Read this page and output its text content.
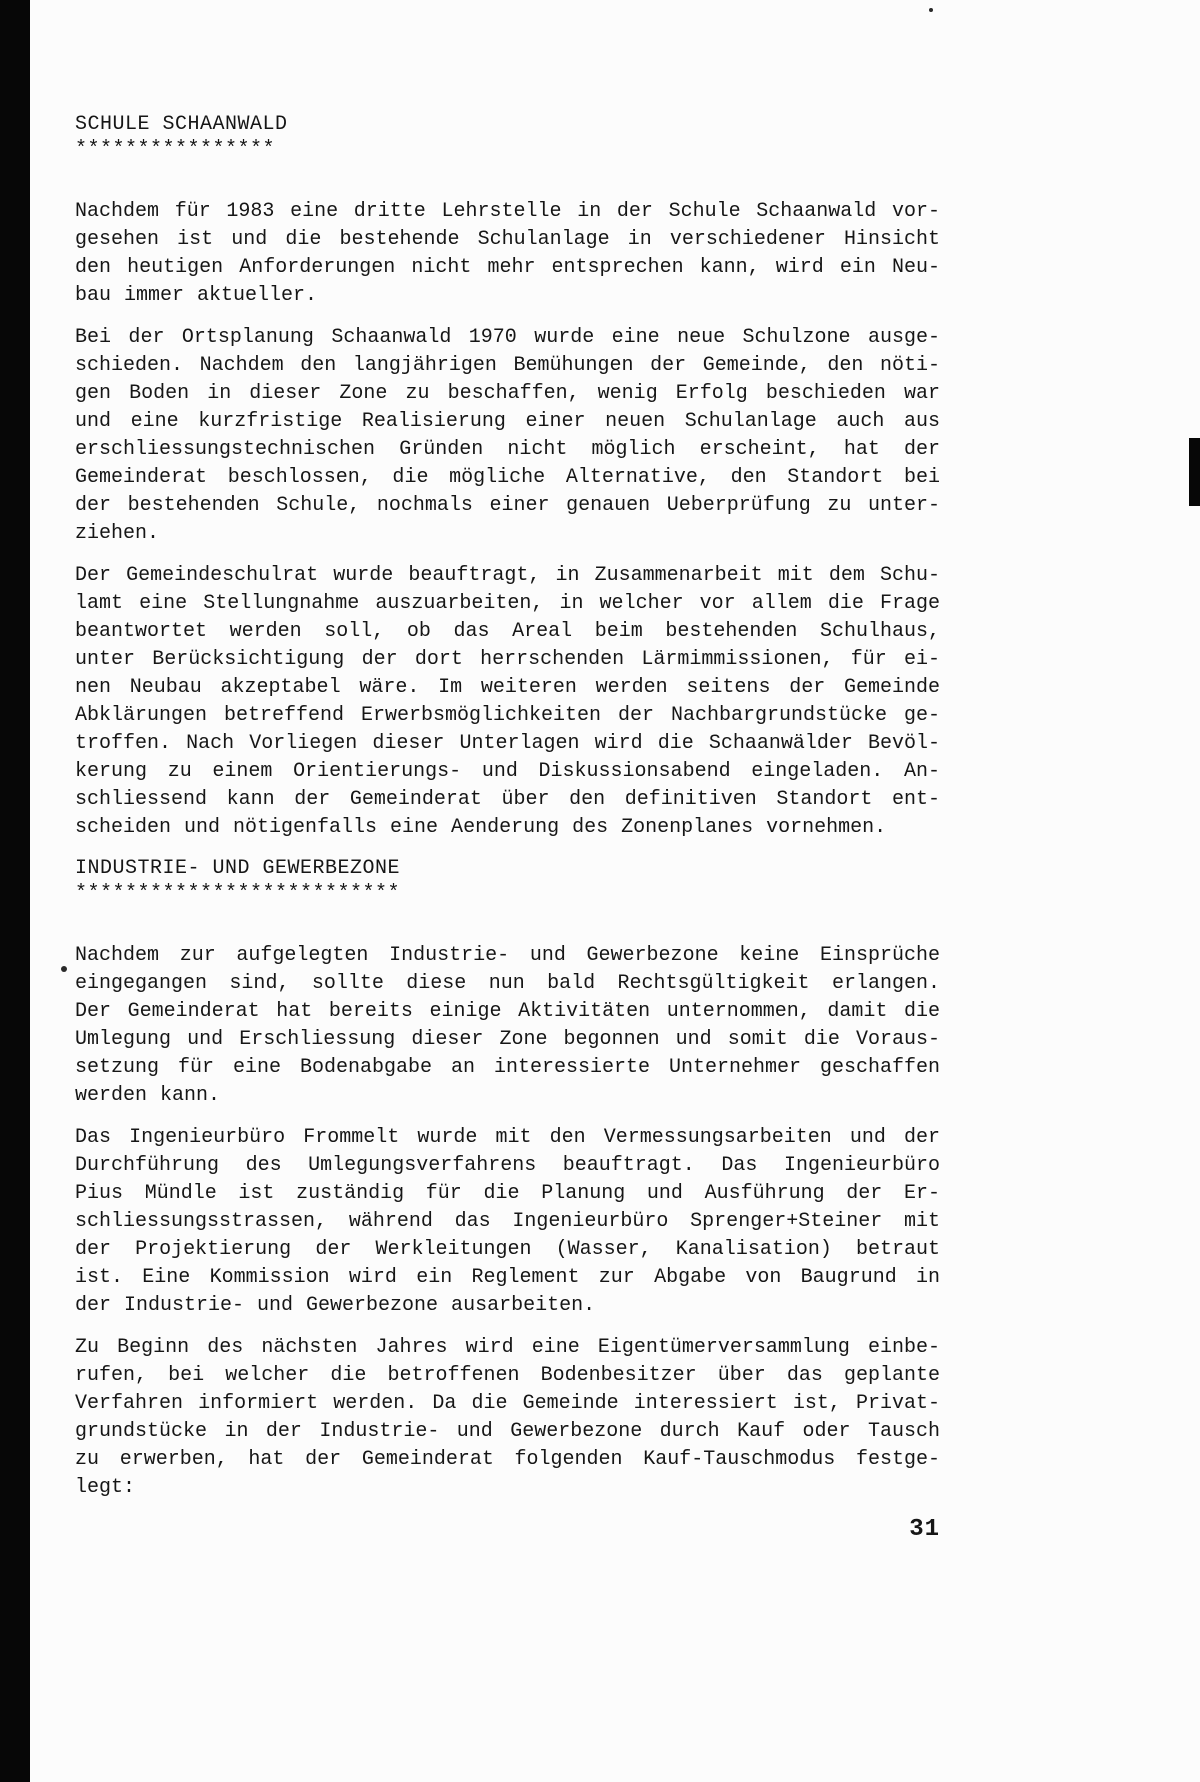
SCHULE SCHAANWALD
****************
Nachdem für 1983 eine dritte Lehrstelle in der Schule Schaanwald vor-
gesehen ist und die bestehende Schulanlage in verschiedener Hinsicht
den heutigen Anforderungen nicht mehr entsprechen kann, wird ein Neu-
bau immer aktueller.
Bei der Ortsplanung Schaanwald 1970 wurde eine neue Schulzone ausge-
schieden. Nachdem den langjährigen Bemühungen der Gemeinde, den nöti-
gen Boden in dieser Zone zu beschaffen, wenig Erfolg beschieden war
und eine kurzfristige Realisierung einer neuen Schulanlage auch aus
erschliessungstechnischen Gründen nicht möglich erscheint, hat der
Gemeinderat beschlossen, die mögliche Alternative, den Standort bei
der bestehenden Schule, nochmals einer genauen Ueberprüfung zu unter-
ziehen.
Der Gemeindeschulrat wurde beauftragt, in Zusammenarbeit mit dem Schu-
lamt eine Stellungnahme auszuarbeiten, in welcher vor allem die Frage
beantwortet werden soll, ob das Areal beim bestehenden Schulhaus,
unter Berücksichtigung der dort herrschenden Lärmimmissionen, für ei-
nen Neubau akzeptabel wäre. Im weiteren werden seitens der Gemeinde
Abklärungen betreffend Erwerbsmöglichkeiten der Nachbargrundstücke ge-
troffen. Nach Vorliegen dieser Unterlagen wird die Schaanwälder Bevöl-
kerung zu einem Orientierungs- und Diskussionsabend eingeladen. An-
schliessend kann der Gemeinderat über den definitiven Standort ent-
scheiden und nötigenfalls eine Aenderung des Zonenplanes vornehmen.
INDUSTRIE- UND GEWERBEZONE
**************************
Nachdem zur aufgelegten Industrie- und Gewerbezone keine Einsprüche
eingegangen sind, sollte diese nun bald Rechtsgültigkeit erlangen.
Der Gemeinderat hat bereits einige Aktivitäten unternommen, damit die
Umlegung und Erschliessung dieser Zone begonnen und somit die Voraus-
setzung für eine Bodenabgabe an interessierte Unternehmer geschaffen
werden kann.
Das Ingenieurbüro Frommelt wurde mit den Vermessungsarbeiten und der
Durchführung des Umlegungsverfahrens beauftragt. Das Ingenieurbüro
Pius Mündle ist zuständig für die Planung und Ausführung der Er-
schliessungsstrassen, während das Ingenieurbüro Sprenger+Steiner mit
der Projektierung der Werkleitungen (Wasser, Kanalisation) betraut
ist. Eine Kommission wird ein Reglement zur Abgabe von Baugrund in
der Industrie- und Gewerbezone ausarbeiten.
Zu Beginn des nächsten Jahres wird eine Eigentümerversammlung einbe-
rufen, bei welcher die betroffenen Bodenbesitzer über das geplante
Verfahren informiert werden. Da die Gemeinde interessiert ist, Privat-
grundstücke in der Industrie- und Gewerbezone durch Kauf oder Tausch
zu erwerben, hat der Gemeinderat folgenden Kauf-Tauschmodus festge-
legt:
31
